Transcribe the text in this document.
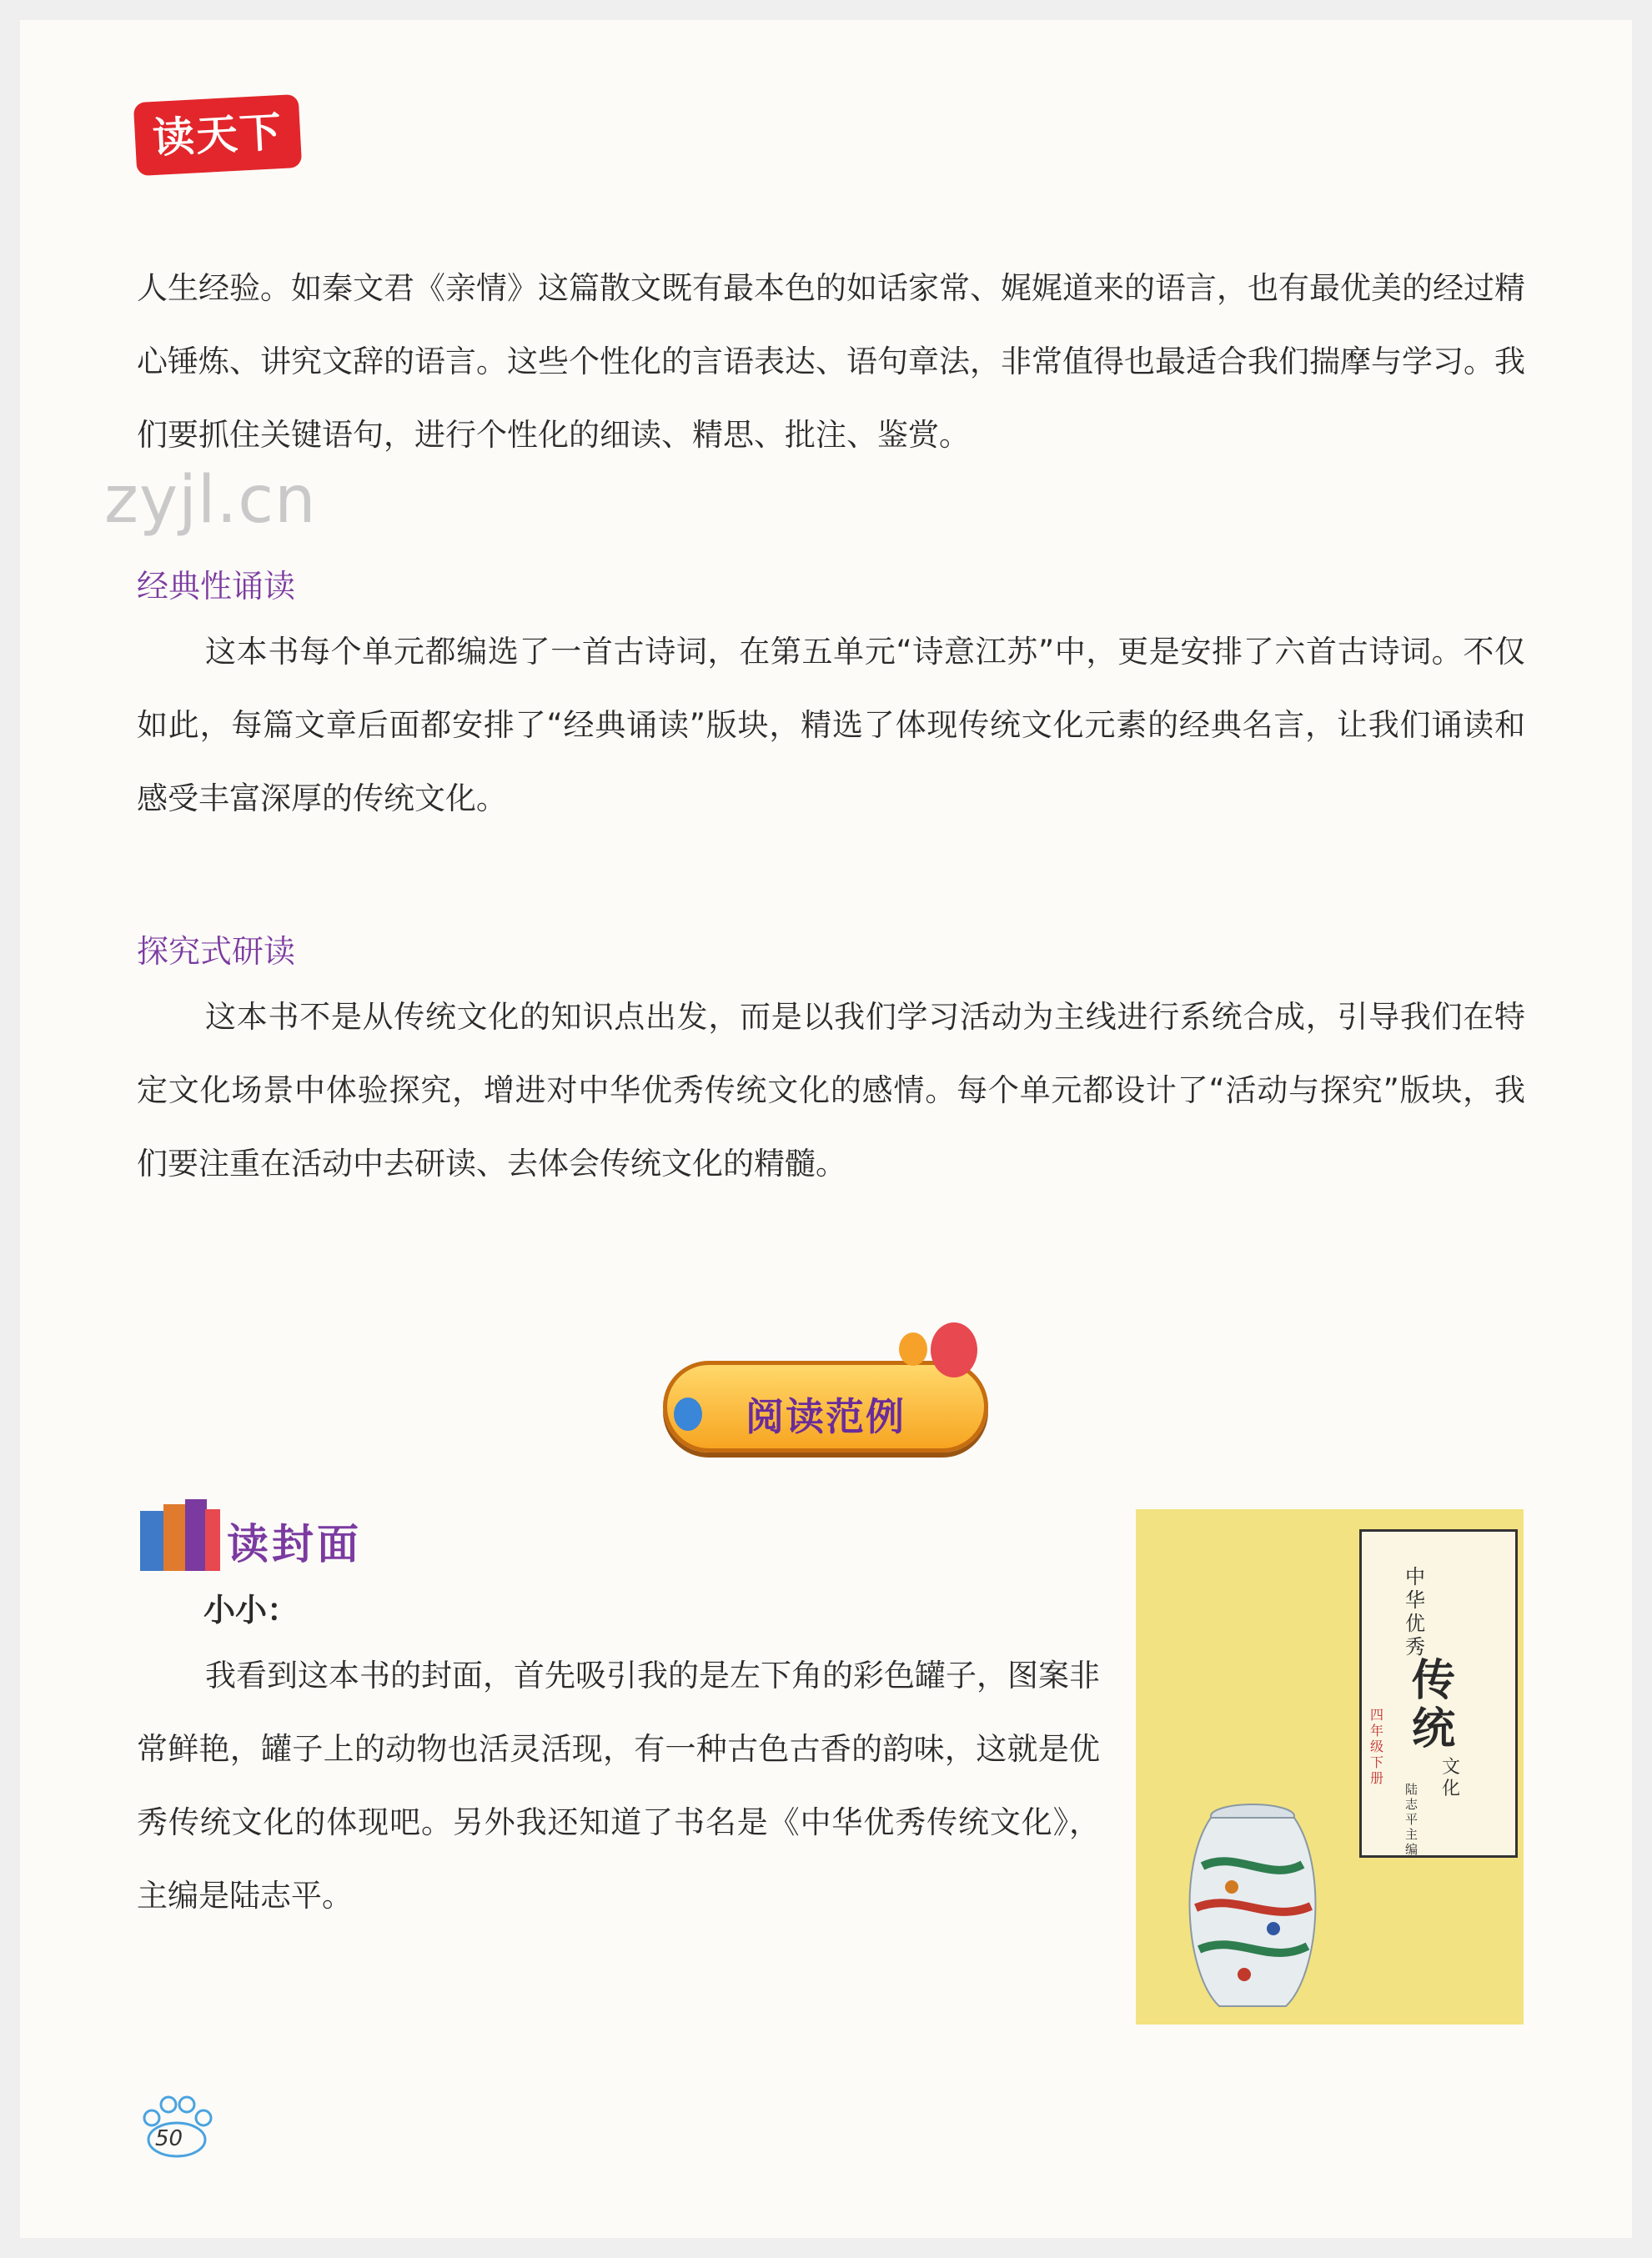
读天下

人生经验。如秦文君《亲情》这篇散文既有最本色的如话家常、娓娓道来的语言，也有最优美的经过精心锤炼、讲究文辞的语言。这些个性化的言语表达、语句章法，非常值得也最适合我们揣摩与学习。我们要抓住关键语句，进行个性化的细读、精思、批注、鉴赏。

zyjl.cn
经典性诵读

这本书每个单元都编选了一首古诗词，在第五单元“诗意江苏”中，更是安排了六首古诗词。不仅如此，每篇文章后面都安排了“经典诵读”版块，精选了体现传统文化元素的经典名言，让我们诵读和感受丰富深厚的传统文化。

探究式研读

这本书不是从传统文化的知识点出发，而是以我们学习活动为主线进行系统合成，引导我们在特定文化场景中体验探究，增进对中华优秀传统文化的感情。每个单元都设计了“活动与探究”版块，我们要注重在活动中去研读、去体会传统文化的精髓。

阅读范例
读封面
小小：

我看到这本书的封面，首先吸引我的是左下角的彩色罐子，图案非常鲜艳，罐子上的动物也活灵活现，有一种古色古香的韵味，这就是优秀传统文化的体现吧。另外我还知道了书名是《中华优秀传统文化》，主编是陆志平。

中华优秀
传统
文化
四年级下册
陆志平 主编
50
